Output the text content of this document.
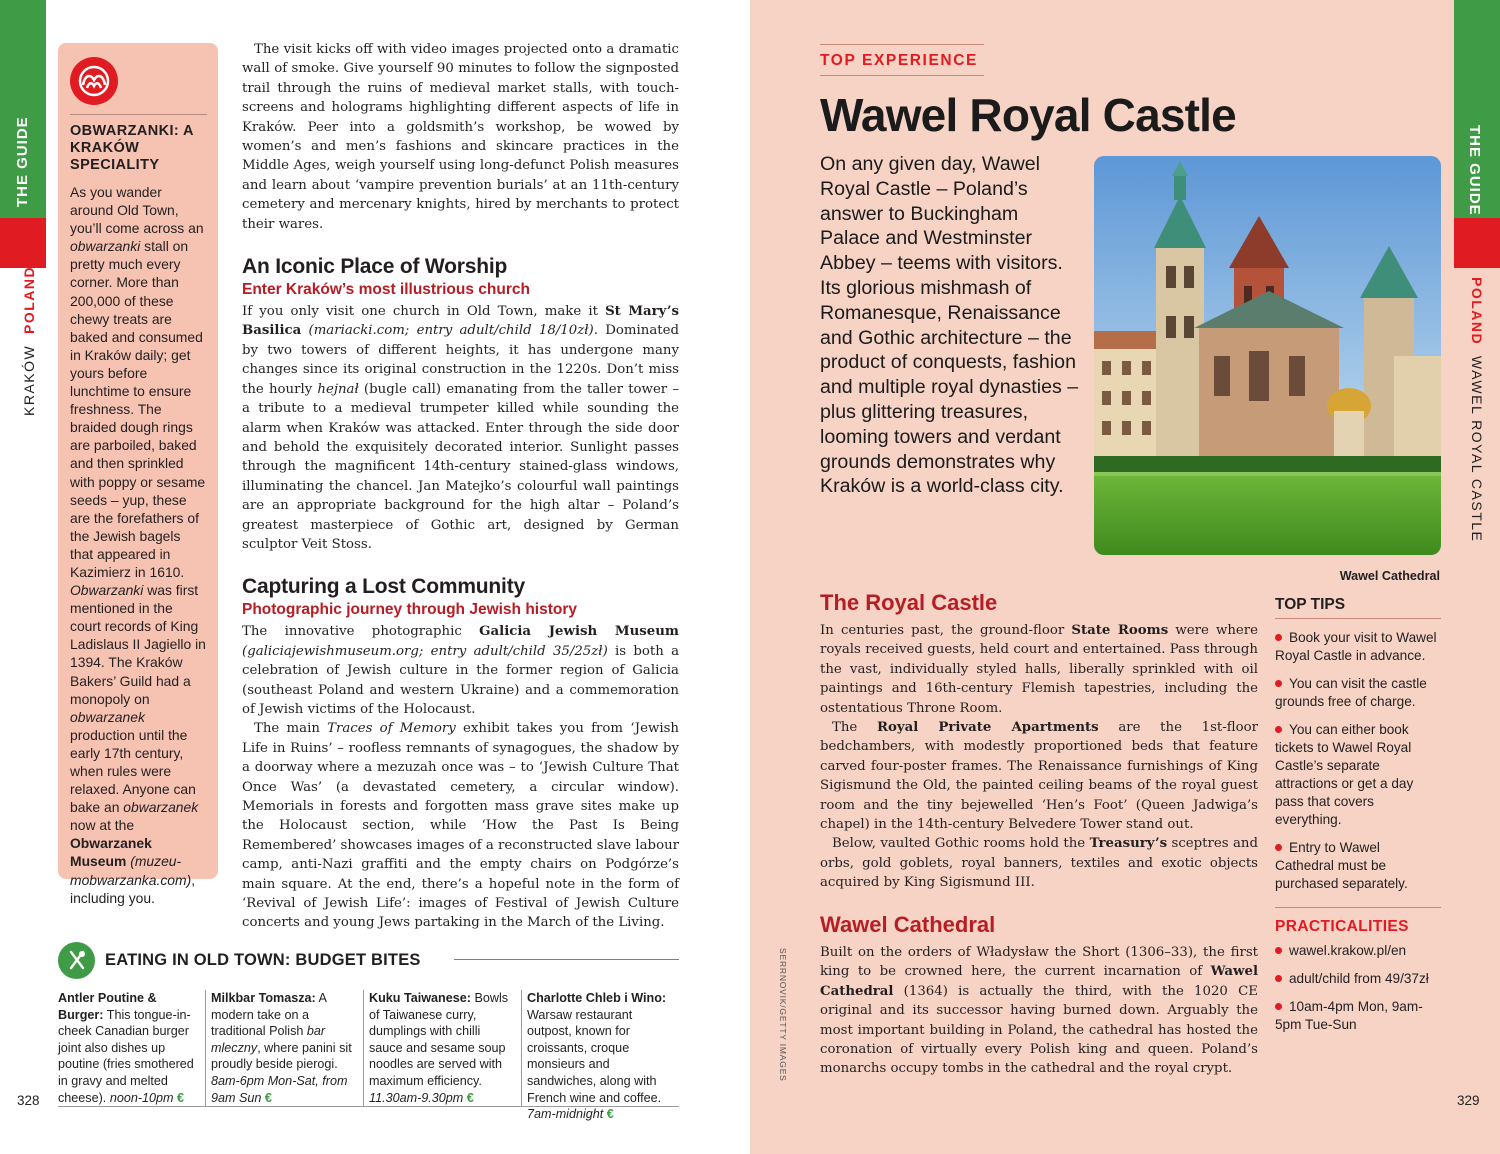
THE GUIDE
KRAKÓW  POLAND
OBWARZANKI: A KRAKÓW SPECIALITY
As you wander around Old Town, you’ll come across an obwarzanki stall on pretty much every corner. More than 200,000 of these chewy treats are baked and consumed in Kraków daily; get yours before lunchtime to ensure freshness. The braided dough rings are parboiled, baked and then sprinkled with poppy or sesame seeds – yup, these are the forefathers of the Jewish bagels that appeared in Kazimierz in 1610. Obwarzanki was first mentioned in the court records of King Ladislaus II Jagiello in 1394. The Kraków Bakers’ Guild had a monopoly on obwarzanek production until the early 17th century, when rules were relaxed. Anyone can bake an obwarzanek now at the Obwarzanek Museum (muzeu-mobwarzanka.com), including you.

The visit kicks off with video images projected onto a dramatic wall of smoke. Give yourself 90 minutes to follow the signposted trail through the ruins of medieval market stalls, with touch-screens and holograms highlighting different aspects of life in Kraków. Peer into a goldsmith’s workshop, be wowed by women’s and men’s fashions and skincare practices in the Middle Ages, weigh yourself using long-defunct Polish measures and learn about ‘vampire prevention burials’ at an 11th-century cemetery and mercenary knights, hired by merchants to protect their wares.

An Iconic Place of Worship
Enter Kraków’s most illustrious church

If you only visit one church in Old Town, make it St Mary’s Basilica (mariacki.com; entry adult/child 18/10zł). Dominated by two towers of different heights, it has undergone many changes since its original construction in the 1220s. Don’t miss the hourly hejnał (bugle call) emanating from the taller tower – a tribute to a medieval trumpeter killed while sounding the alarm when Kraków was attacked. Enter through the side door and behold the exquisitely decorated interior. Sunlight passes through the magnificent 14th-century stained-glass windows, illuminating the chancel. Jan Matejko’s colourful wall paintings are an appropriate background for the high altar – Poland’s greatest masterpiece of Gothic art, designed by German sculptor Veit Stoss.

Capturing a Lost Community
Photographic journey through Jewish history

The innovative photographic Galicia Jewish Museum (galiciajewishmuseum.org; entry adult/child 35/25zł) is both a celebration of Jewish culture in the former region of Galicia (southeast Poland and western Ukraine) and a commemoration of Jewish victims of the Holocaust.

The main Traces of Memory exhibit takes you from ‘Jewish Life in Ruins’ – roofless remnants of synagogues, the shadow by a doorway where a mezuzah once was – to ‘Jewish Culture That Once Was’ (a devastated cemetery, a circular window). Memorials in forests and forgotten mass grave sites make up the Holocaust section, while ‘How the Past Is Being Remembered’ showcases images of a reconstructed slave labour camp, anti-Nazi graffiti and the empty chairs on Podgórze’s main square. At the end, there’s a hopeful note in the form of ‘Revival of Jewish Life’: images of Festival of Jewish Culture concerts and young Jews partaking in the March of the Living.

EATING IN OLD TOWN: BUDGET BITES
Antler Poutine & Burger: This tongue-in-cheek Canadian burger joint also dishes up poutine (fries smothered in gravy and melted cheese). noon-10pm €
Milkbar Tomasza: A modern take on a traditional Polish bar mleczny, where panini sit proudly beside pierogi. 8am-6pm Mon-Sat, from 9am Sun €
Kuku Taiwanese: Bowls of Taiwanese curry, dumplings with chilli sauce and sesame soup noodles are served with maximum efficiency. 11.30am-9.30pm €
Charlotte Chleb i Wino: Warsaw restaurant outpost, known for croissants, croque monsieurs and sandwiches, along with French wine and coffee. 7am-midnight €
328
THE GUIDE
POLAND  WAWEL ROYAL CASTLE
TOP EXPERIENCE
Wawel Royal Castle

On any given day, Wawel Royal Castle – Poland’s answer to Buckingham Palace and Westminster Abbey – teems with visitors. Its glorious mishmash of Romanesque, Renaissance and Gothic architecture – the product of conquests, fashion and multiple royal dynasties – plus glittering treasures, looming towers and verdant grounds demonstrates why Kraków is a world-class city.

Wawel Cathedral
The Royal Castle

In centuries past, the ground-floor State Rooms were where royals received guests, held court and entertained. Pass through the vast, individually styled halls, liberally sprinkled with oil paintings and 16th-century Flemish tapestries, including the ostentatious Throne Room.

The Royal Private Apartments are the 1st-floor bedchambers, with modestly proportioned beds that feature carved four-poster frames. The Renaissance furnishings of King Sigismund the Old, the painted ceiling beams of the royal guest room and the tiny bejewelled ‘Hen’s Foot’ (Queen Jadwiga’s chapel) in the 14th-century Belvedere Tower stand out.

Below, vaulted Gothic rooms hold the Treasury’s sceptres and orbs, gold goblets, royal banners, textiles and exotic objects acquired by King Sigismund III.

Wawel Cathedral

Built on the orders of Władysław the Short (1306–33), the first king to be crowned here, the current incarnation of Wawel Cathedral (1364) is actually the third, with the 1020 CE original and its successor having burned down. Arguably the most important building in Poland, the cathedral has hosted the coronation of virtually every Polish king and queen. Poland’s monarchs occupy tombs in the cathedral and the royal crypt.

TOP TIPS
Book your visit to Wawel Royal Castle in advance.
You can visit the castle grounds free of charge.
You can either book tickets to Wawel Royal Castle’s separate attractions or get a day pass that covers everything.
Entry to Wawel Cathedral must be purchased separately.
PRACTICALITIES
wawel.krakow.pl/en
adult/child from 49/37zł
10am-4pm Mon, 9am-5pm Tue-Sun
SERRNOVIK/GETTY IMAGES
329
